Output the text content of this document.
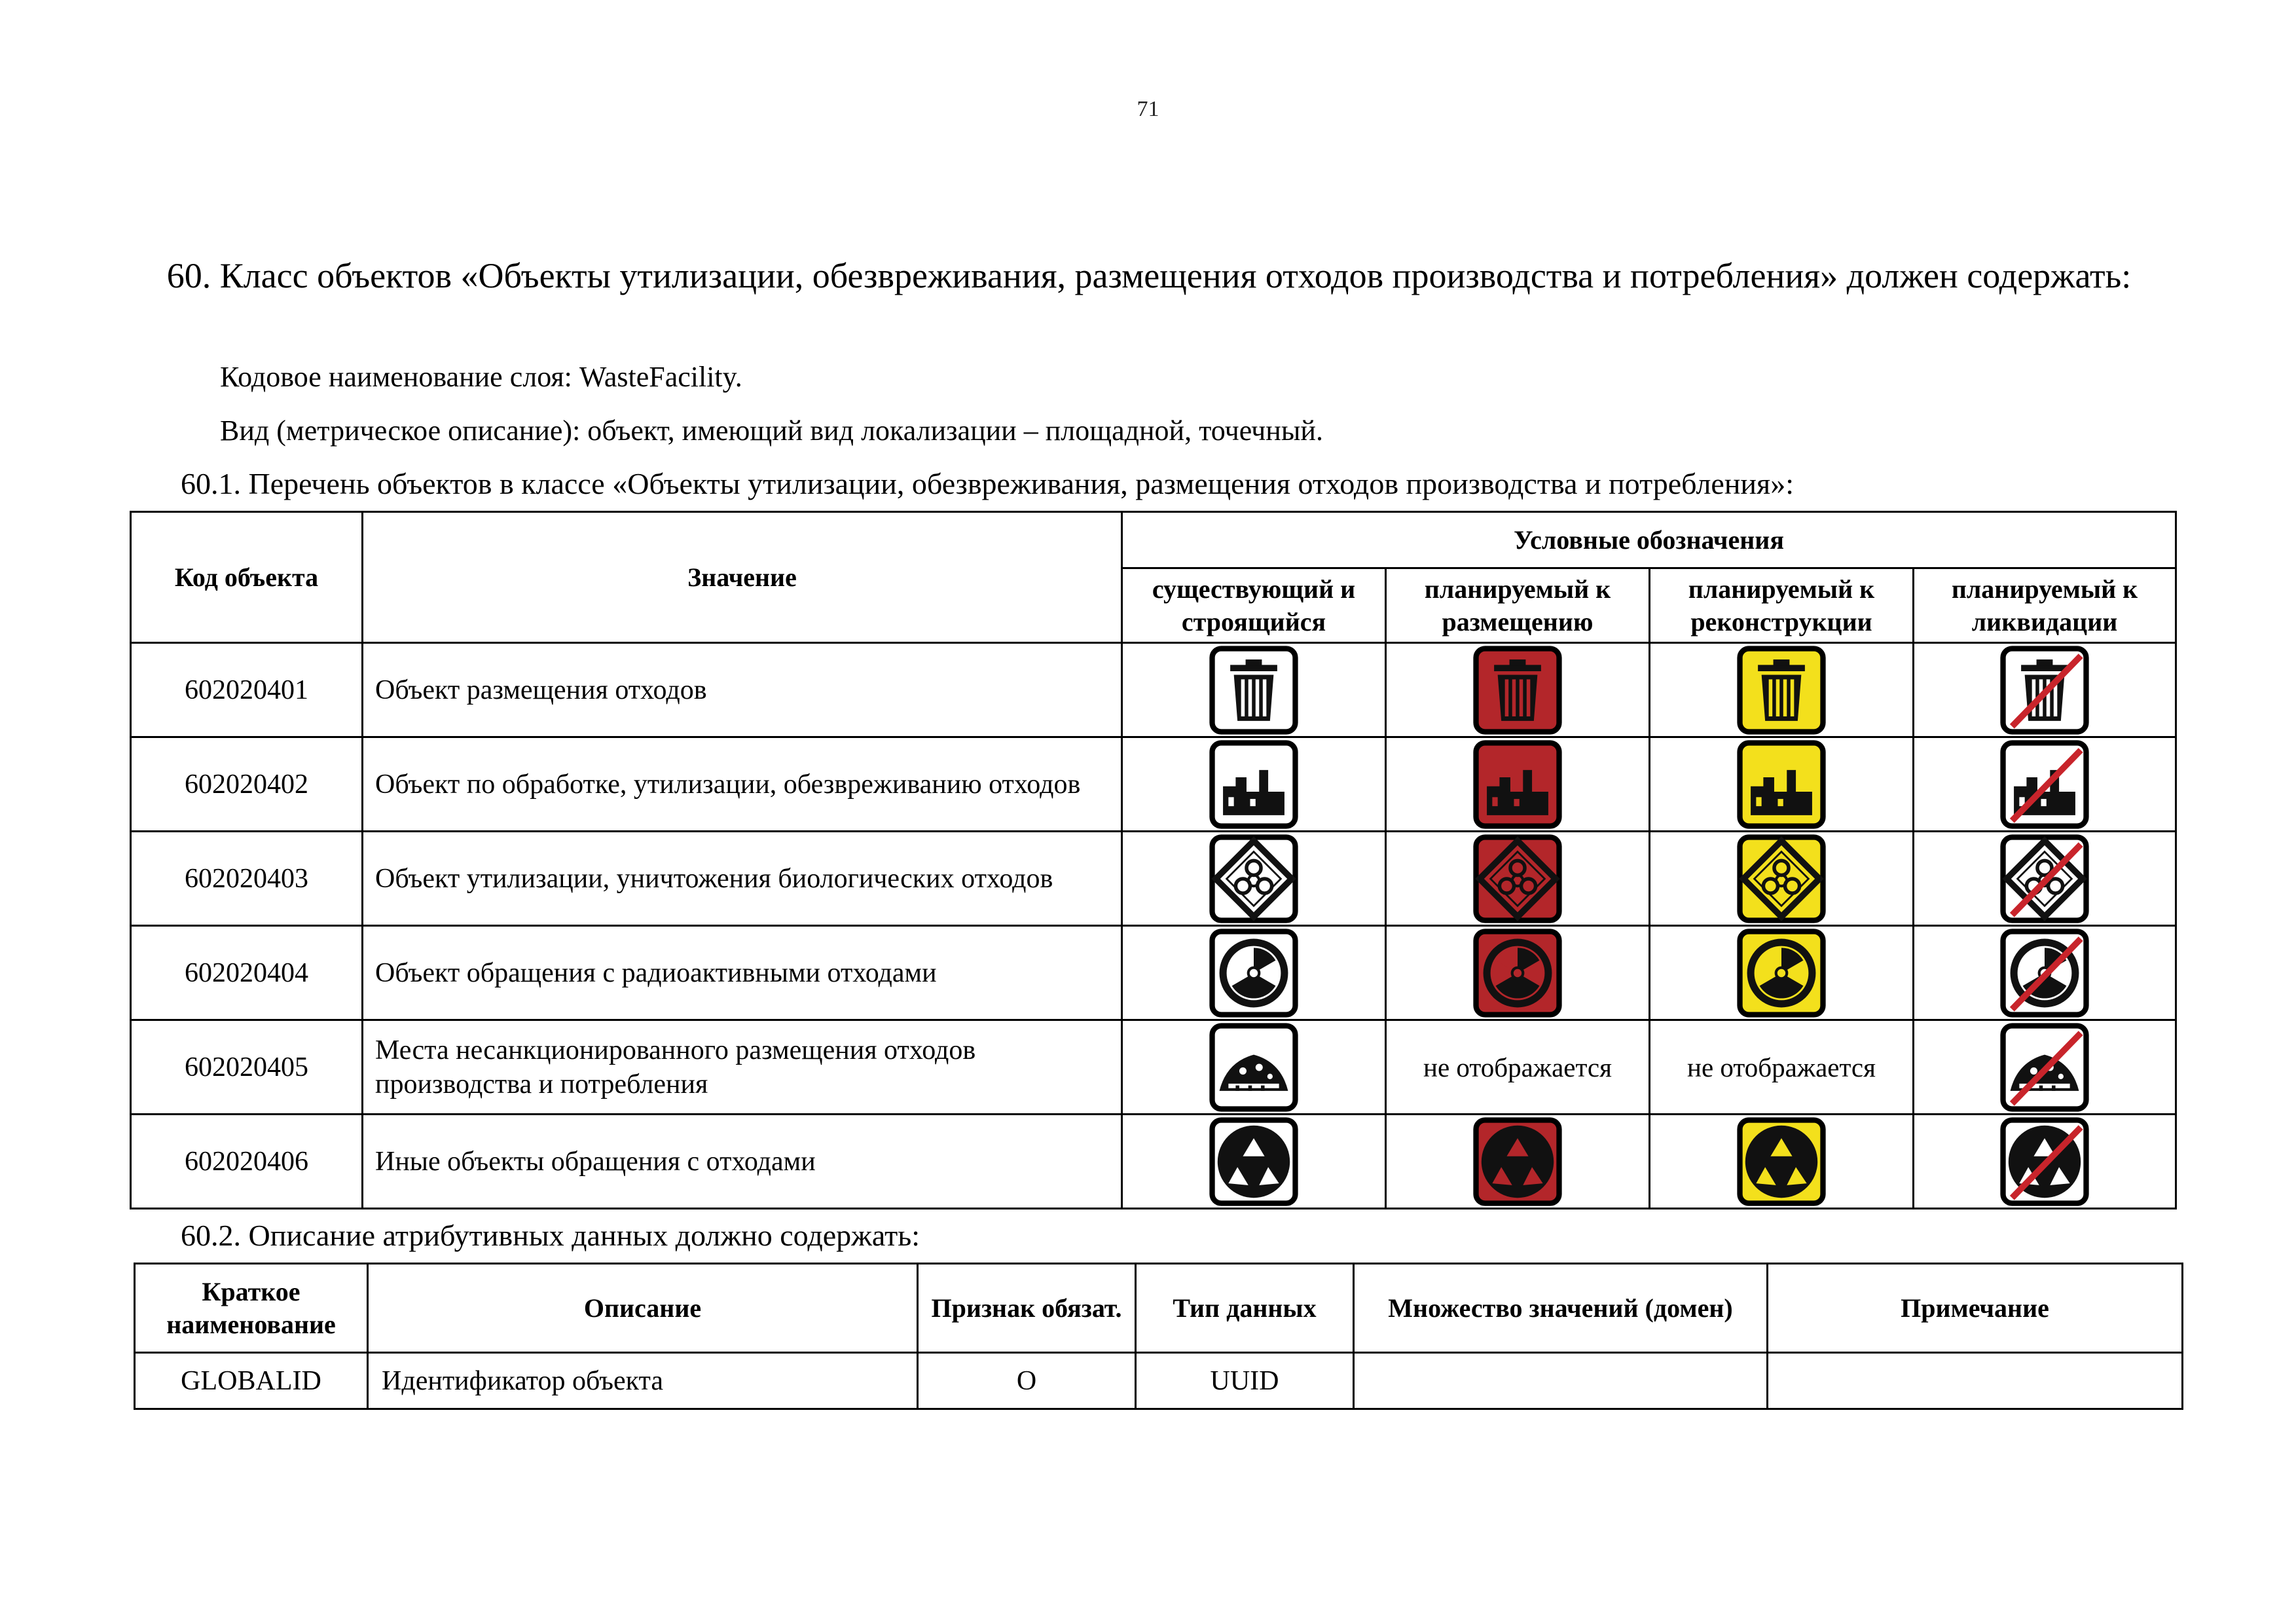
71
60. Класс объектов «Объекты утилизации, обезвреживания, размещения отходов производства и потребления» должен содержать:
Кодовое наименование слоя: WasteFacility.
Вид (метрическое описание): объект, имеющий вид локализации – площадной, точечный.
60.1. Перечень объектов в классе «Объекты утилизации, обезвреживания, размещения отходов производства и потребления»:
Код объекта	Значение	Условные обозначения			
		существующий и строящийся	планируемый к размещению	планируемый к реконструкции	планируемый к ликвидации
602020401	Объект размещения отходов	

602020402	Объект по обработке, утилизации, обезвреживанию отходов	

602020403	Объект утилизации, уничтожения биологических отходов	

602020404	Объект обращения с радиоактивными отходами	

602020405	Места несанкционированного размещения отходов производства и потребления		не отображается	не отображается	

602020406	Иные объекты обращения с отходами	

60.2. Описание атрибутивных данных должно содержать:
Краткое наименование	Описание	Признак обязат.	Тип данных	Множество значений (домен)	Примечание
GLOBALID	Идентификатор объекта	О	UUID		
